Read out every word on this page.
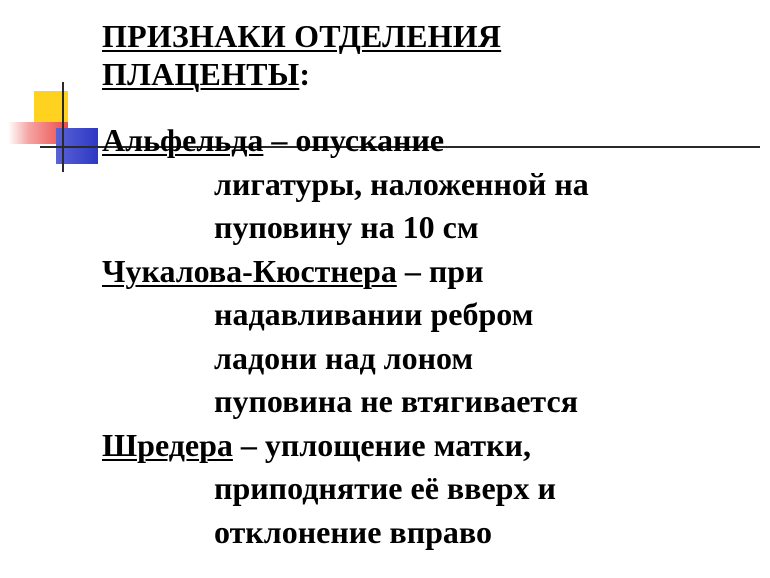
ПРИЗНАКИ ОТДЕЛЕНИЯ
ПЛАЦЕНТЫ:
Альфельда – опускание
лигатуры, наложенной на
пуповину на 10 см
Чукалова-Кюстнера – при
надавливании ребром
ладони над лоном
пуповина не втягивается
Шредера – уплощение матки,
приподнятие её вверх и
отклонение вправо
